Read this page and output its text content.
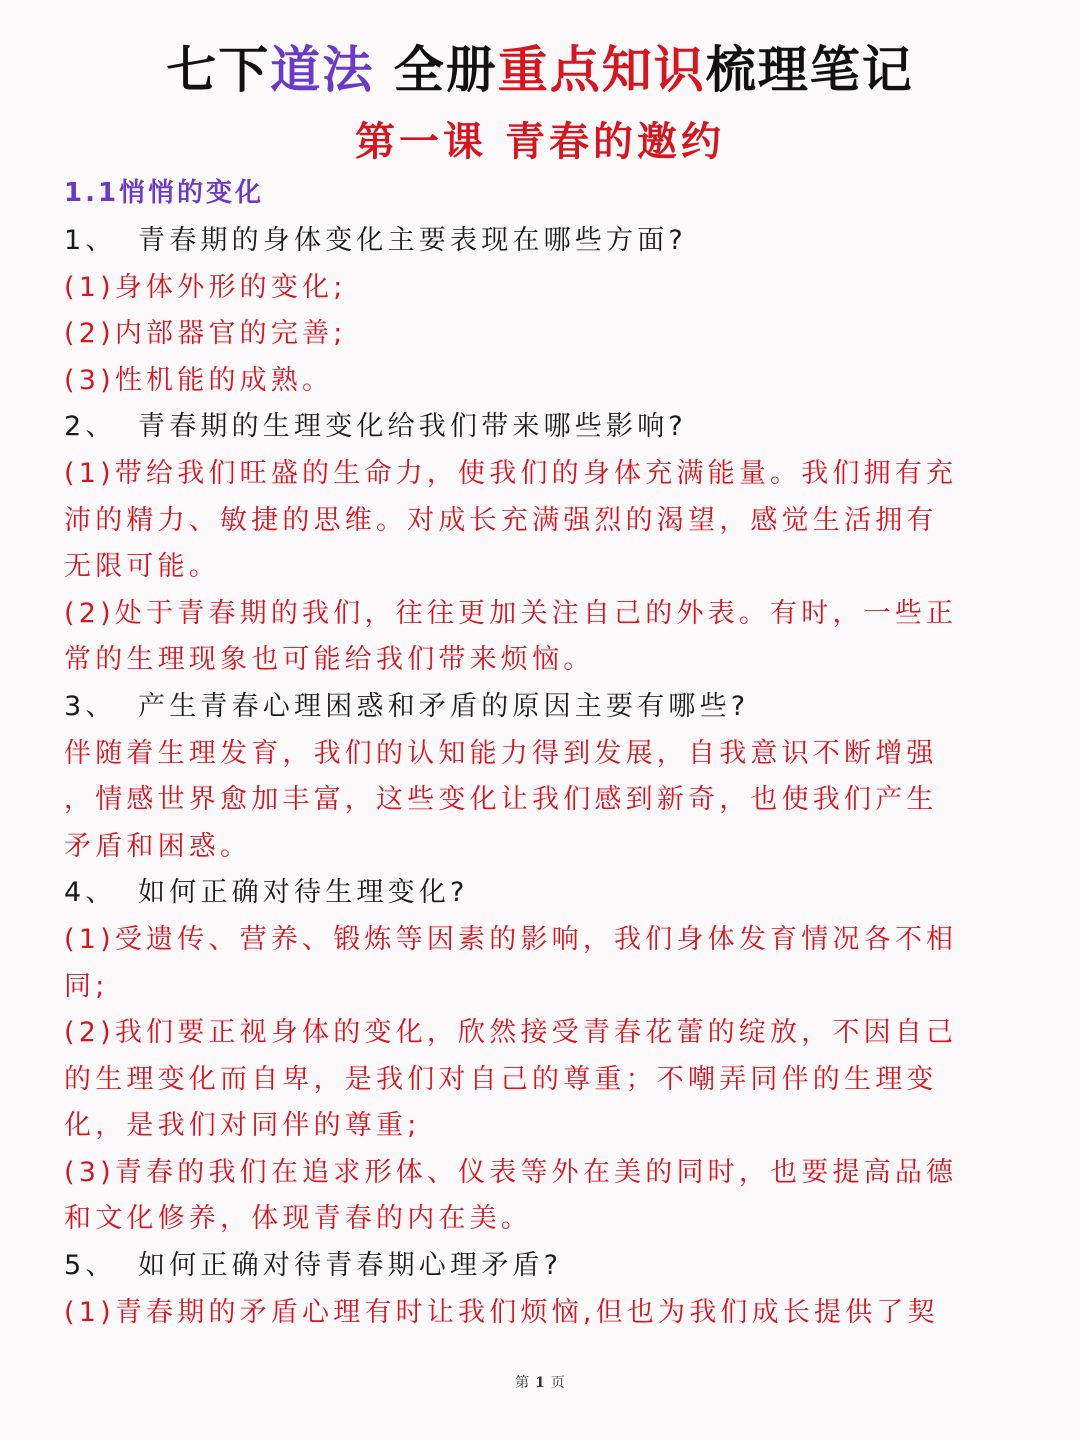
七下道法 全册重点知识梳理笔记
第一课 青春的邀约
1.1悄悄的变化
1、 青春期的身体变化主要表现在哪些方面?
(1)身体外形的变化;
(2)内部器官的完善;
(3)性机能的成熟。
2、 青春期的生理变化给我们带来哪些影响?
(1)带给我们旺盛的生命力，使我们的身体充满能量。我们拥有充
沛的精力、敏捷的思维。对成长充满强烈的渴望，感觉生活拥有
无限可能。
(2)处于青春期的我们，往往更加关注自己的外表。有时，一些正
常的生理现象也可能给我们带来烦恼。
3、 产生青春心理困惑和矛盾的原因主要有哪些?
伴随着生理发育，我们的认知能力得到发展，自我意识不断增强
，情感世界愈加丰富，这些变化让我们感到新奇，也使我们产生
矛盾和困惑。
4、 如何正确对待生理变化?
(1)受遗传、营养、锻炼等因素的影响，我们身体发育情况各不相
同;
(2)我们要正视身体的变化，欣然接受青春花蕾的绽放，不因自己
的生理变化而自卑，是我们对自己的尊重；不嘲弄同伴的生理变
化，是我们对同伴的尊重;
(3)青春的我们在追求形体、仪表等外在美的同时，也要提高品德
和文化修养，体现青春的内在美。
5、 如何正确对待青春期心理矛盾?
(1)青春期的矛盾心理有时让我们烦恼,但也为我们成长提供了契
第 1 页
